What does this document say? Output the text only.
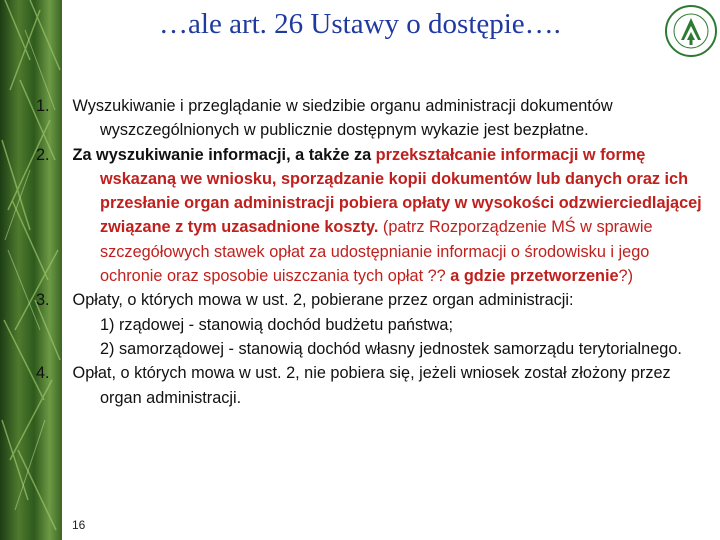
…ale art. 26 Ustawy o dostępie….

Wyszukiwanie i przeglądanie w siedzibie organu administracji dokumentów wyszczególnionych w publicznie dostępnym wykazie jest bezpłatne.

Za wyszukiwanie informacji, a także za przekształcanie informacji w formę wskazaną we wniosku, sporządzanie kopii dokumentów lub danych oraz ich przesłanie organ administracji pobiera opłaty w wysokości odzwierciedlającej związane z tym uzasadnione koszty. (patrz Rozporządzenie MŚ w sprawie szczegółowych stawek opłat za udostępnianie informacji o środowisku i jego ochronie oraz sposobie uiszczania tych opłat ?? a gdzie przetworzenie?)

Opłaty, o których mowa w ust. 2, pobierane przez organ administracji:

1) rządowej - stanowią dochód budżetu państwa;

2) samorządowej - stanowią dochód własny jednostek samorządu terytorialnego.

Opłat, o których mowa w ust. 2, nie pobiera się, jeżeli wniosek został złożony przez organ administracji.

16
